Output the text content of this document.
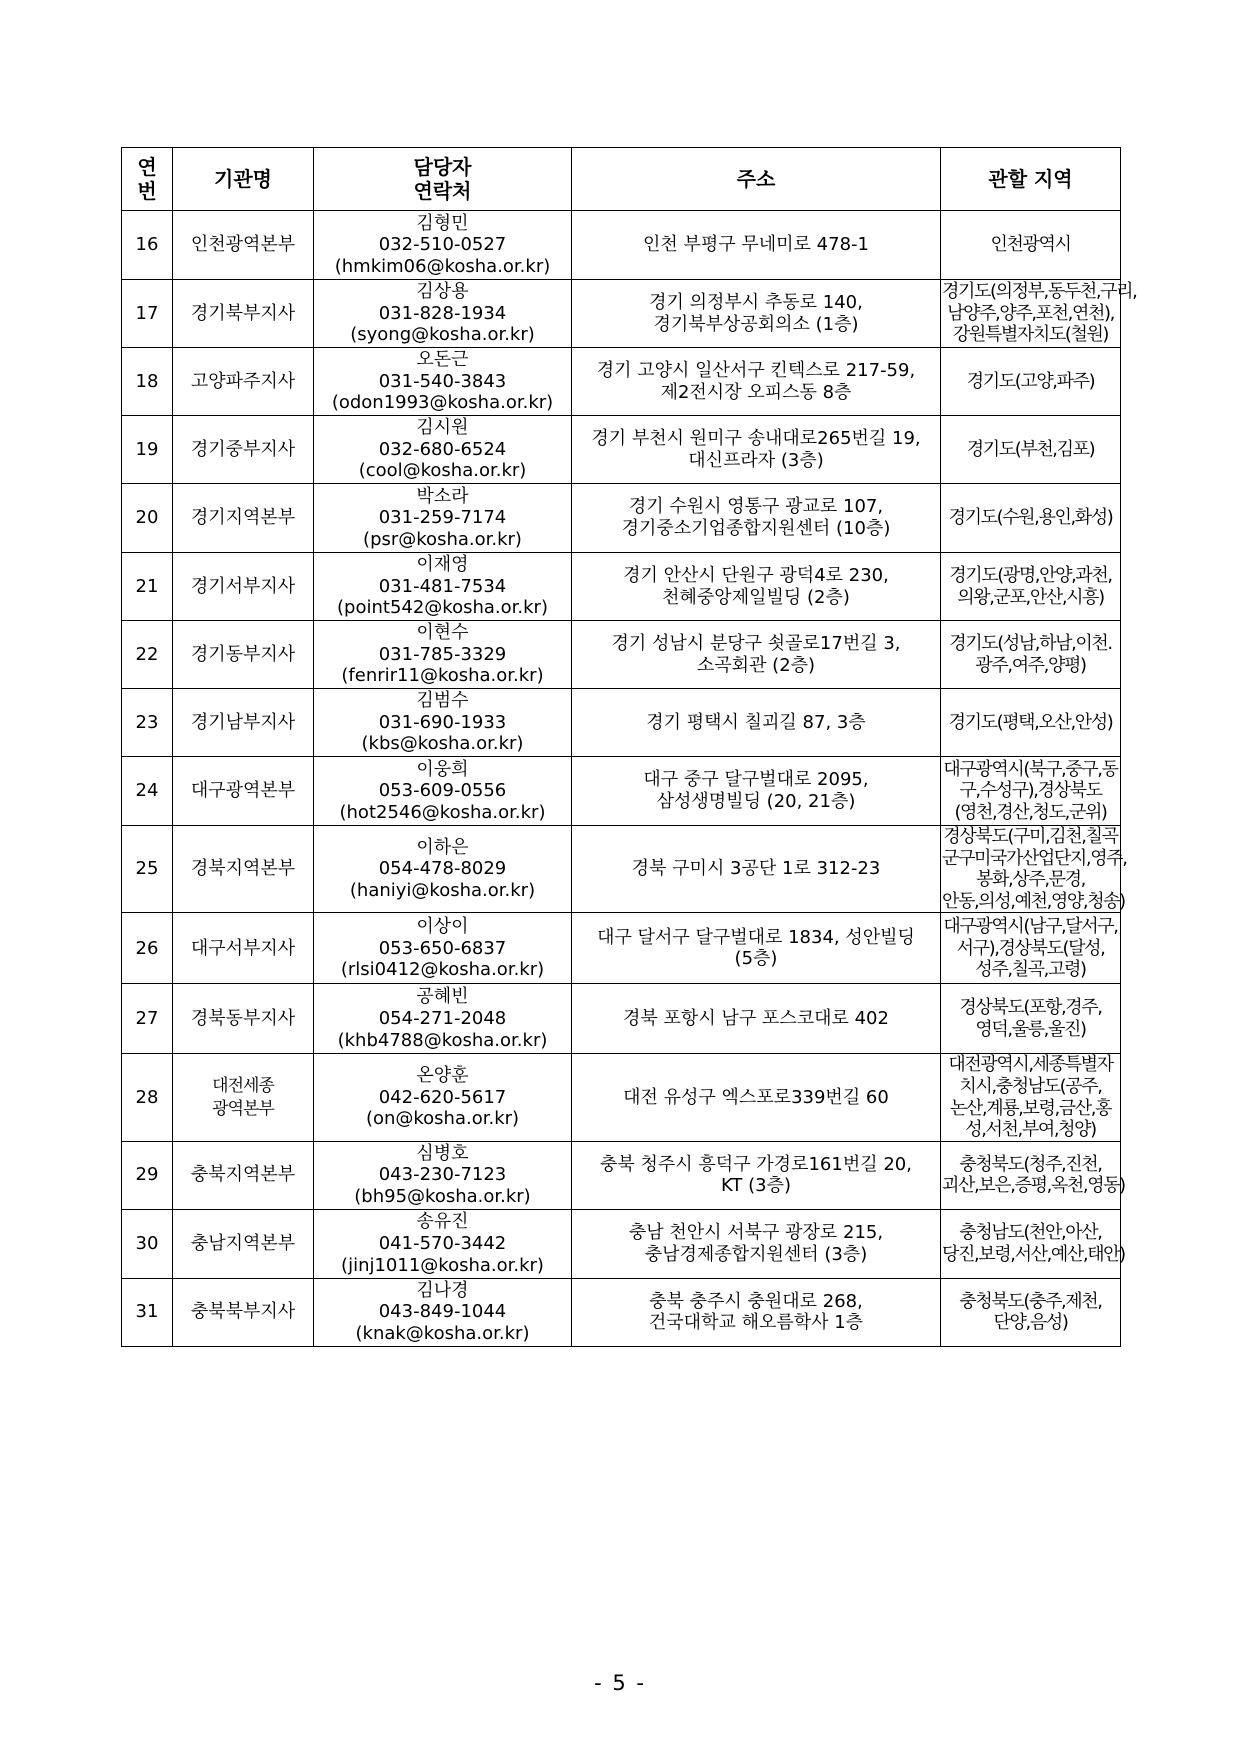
연
번	기관명	담당자
연락처	주소	관할 지역
16	인천광역본부	김형민
032-510-0527
(hmkim06@kosha.or.kr)	인천 부평구 무네미로 478-1	인천광역시

17	경기북부지사	김상용
031-828-1934
(syong@kosha.or.kr)	경기 의정부시 추동로 140,
경기북부상공회의소 (1층)	경기도(의정부,동두천,구리,
남양주,양주,포천,연천),
강원특별자치도(철원)

18	고양파주지사	오돈근
031-540-3843
(odon1993@kosha.or.kr)	경기 고양시 일산서구 킨텍스로 217-59,
제2전시장 오피스동 8층	경기도(고양,파주)

19	경기중부지사	김시원
032-680-6524
(cool@kosha.or.kr)	경기 부천시 원미구 송내대로265번길 19,
대신프라자 (3층)	경기도(부천,김포)

20	경기지역본부	박소라
031-259-7174
(psr@kosha.or.kr)	경기 수원시 영통구 광교로 107,
경기중소기업종합지원센터 (10층)	경기도(수원,용인,화성)

21	경기서부지사	이재영
031-481-7534
(point542@kosha.or.kr)	경기 안산시 단원구 광덕4로 230,
천혜중앙제일빌딩 (2층)	경기도(광명,안양,과천,
의왕,군포,안산,시흥)

22	경기동부지사	이현수
031-785-3329
(fenrir11@kosha.or.kr)	경기 성남시 분당구 쇳골로17번길 3,
소곡회관 (2층)	경기도(성남,하남,이천.
광주,여주,양평)

23	경기남부지사	김범수
031-690-1933
(kbs@kosha.or.kr)	경기 평택시 칠괴길 87, 3층	경기도(평택,오산,안성)

24	대구광역본부	이웅희
053-609-0556
(hot2546@kosha.or.kr)	대구 중구 달구벌대로 2095,
삼성생명빌딩 (20, 21층)	대구광역시(북구,중구,동
구,수성구),경상북도
(영천,경산,청도,군위)

25	경북지역본부	이하은
054-478-8029
(haniyi@kosha.or.kr)	경북 구미시 3공단 1로 312-23	경상북도(구미,김천,칠곡
군구미국가산업단지,영주,
봉화,상주,문경,
안동,의성,예천,영양,청송)

26	대구서부지사	이상이
053-650-6837
(rlsi0412@kosha.or.kr)	대구 달서구 달구벌대로 1834, 성안빌딩
(5층)	대구광역시(남구,달서구,
서구),경상북도(달성,
성주,칠곡,고령)

27	경북동부지사	공혜빈
054-271-2048
(khb4788@kosha.or.kr)	경북 포항시 남구 포스코대로 402	경상북도(포항,경주,
영덕,울릉,울진)

28	대전세종
광역본부	온양훈
042-620-5617
(on@kosha.or.kr)	대전 유성구 엑스포로339번길 60	대전광역시,세종특별자
치시,충청남도(공주,
논산,계룡,보령,금산,홍
성,서천,부여,청양)

29	충북지역본부	심병호
043-230-7123
(bh95@kosha.or.kr)	충북 청주시 흥덕구 가경로161번길 20,
KT (3층)	충청북도(청주,진천,
괴산,보은,증평,옥천,영동)

30	충남지역본부	송유진
041-570-3442
(jinj1011@kosha.or.kr)	충남 천안시 서북구 광장로 215,
충남경제종합지원센터 (3층)	충청남도(천안,아산,
당진,보령,서산,예산,태안)

31	충북북부지사	김나경
043-849-1044
(knak@kosha.or.kr)	충북 충주시 충원대로 268,
건국대학교 해오름학사 1층	충청북도(충주,제천,
단양,음성)
- 5 -
